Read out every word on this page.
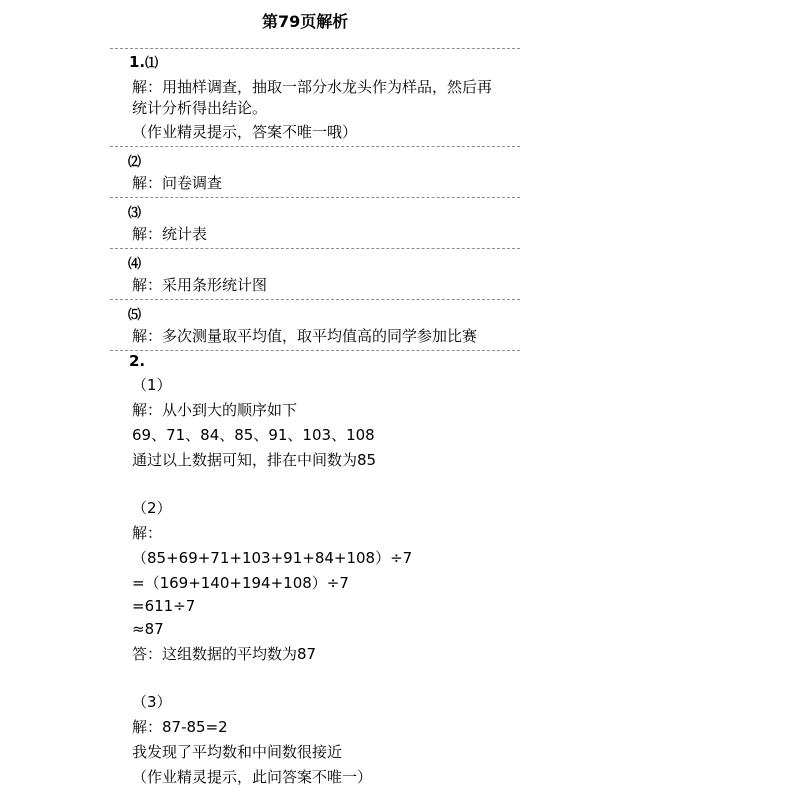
第79页解析
1.⑴
解：用抽样调查，抽取一部分水龙头作为样品，然后再
统计分析得出结论。
（作业精灵提示，答案不唯一哦）
⑵
解：问卷调查
⑶
解：统计表
⑷
解：采用条形统计图
⑸
解：多次测量取平均值，取平均值高的同学参加比赛
2.
（1）
解：从小到大的顺序如下
69、71、84、85、91、103、108
通过以上数据可知，排在中间数为85
（2）
解：
（85+69+71+103+91+84+108）÷7
=（169+140+194+108）÷7
=611÷7
≈87
答：这组数据的平均数为87
（3）
解：87-85=2
我发现了平均数和中间数很接近
（作业精灵提示，此问答案不唯一）
